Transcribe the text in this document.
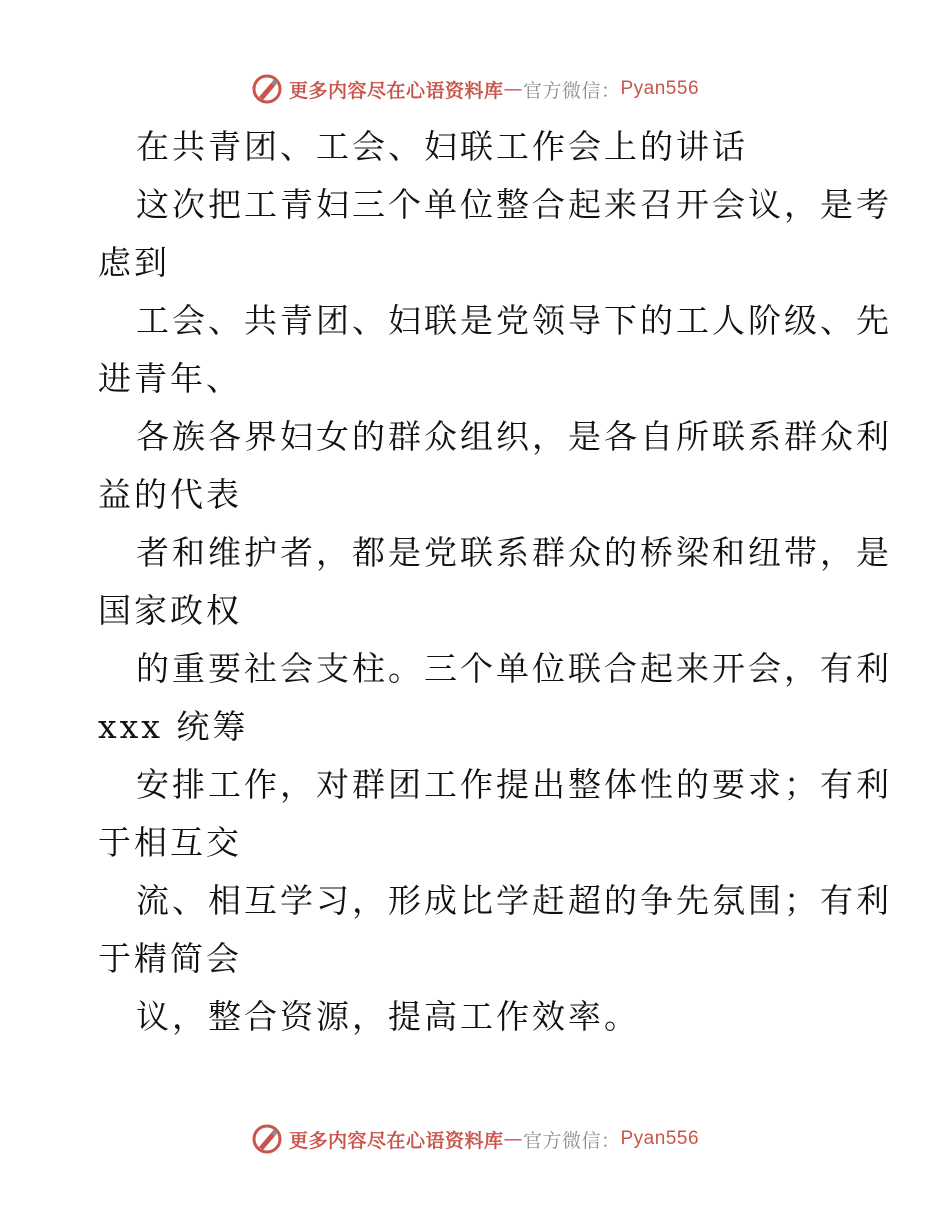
更多内容尽在心语资料库 — 官方微信： Pyan556
在共青团、工会、妇联工作会上的讲话
这次把工青妇三个单位整合起来召开会议，是考
虑到
工会、共青团、妇联是党领导下的工人阶级、先
进青年、
各族各界妇女的群众组织，是各自所联系群众利
益的代表
者和维护者，都是党联系群众的桥梁和纽带，是
国家政权
的重要社会支柱。三个单位联合起来开会，有利
xxx 统筹
安排工作，对群团工作提出整体性的要求；有利
于相互交
流、相互学习，形成比学赶超的争先氛围；有利
于精简会
议，整合资源，提高工作效率。
更多内容尽在心语资料库 — 官方微信： Pyan556
